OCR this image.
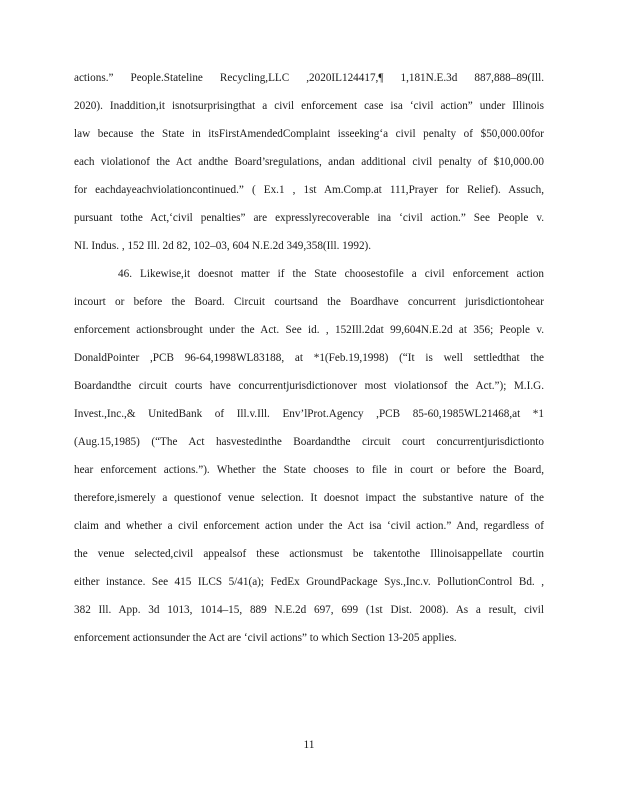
actions.” People.Stateline Recycling,LLC ,2020IL124417,¶ 1,181N.E.3d 887,888–89(Ill.
2020). Inaddition,it isnotsurprisingthat a civil enforcement case isa ‘civil action” under Illinois
law because the State in itsFirstAmendedComplaint isseeking‘a civil penalty of $50,000.00for
each violationof the Act andthe Board’sregulations, andan additional civil penalty of $10,000.00
for eachdayeachviolationcontinued.” ( Ex.1 , 1st Am.Comp.at 111,Prayer for Relief). Assuch,
pursuant tothe Act,‘civil penalties” are expresslyrecoverable ina ‘civil action.” See People v.
NI. Indus. , 152 Ill. 2d 82, 102–03, 604 N.E.2d 349,358(Ill. 1992).
46. Likewise,it doesnot matter if the State choosestofile a civil enforcement action
incourt or before the Board. Circuit courtsand the Boardhave concurrent jurisdictiontohear
enforcement actionsbrought under the Act. See id. , 152Ill.2dat 99,604N.E.2d at 356; People v.
DonaldPointer ,PCB 96-64,1998WL83188, at *1(Feb.19,1998) (“It is well settledthat the
Boardandthe circuit courts have concurrentjurisdictionover most violationsof the Act.”); M.I.G.
Invest.,Inc.,& UnitedBank of Ill.v.Ill. Env’lProt.Agency ,PCB 85-60,1985WL21468,at *1
(Aug.15,1985) (“The Act hasvestedinthe Boardandthe circuit court concurrentjurisdictionto
hear enforcement actions.”). Whether the State chooses to file in court or before the Board,
therefore,ismerely a questionof venue selection. It doesnot impact the substantive nature of the
claim and whether a civil enforcement action under the Act isa ‘civil action.” And, regardless of
the venue selected,civil appealsof these actionsmust be takentothe Illinoisappellate courtin
either instance. See 415 ILCS 5/41(a); FedEx GroundPackage Sys.,Inc.v. PollutionControl Bd. ,
382 Ill. App. 3d 1013, 1014–15, 889 N.E.2d 697, 699 (1st Dist. 2008). As a result, civil
enforcement actionsunder the Act are ‘civil actions” to which Section 13-205 applies.
11
